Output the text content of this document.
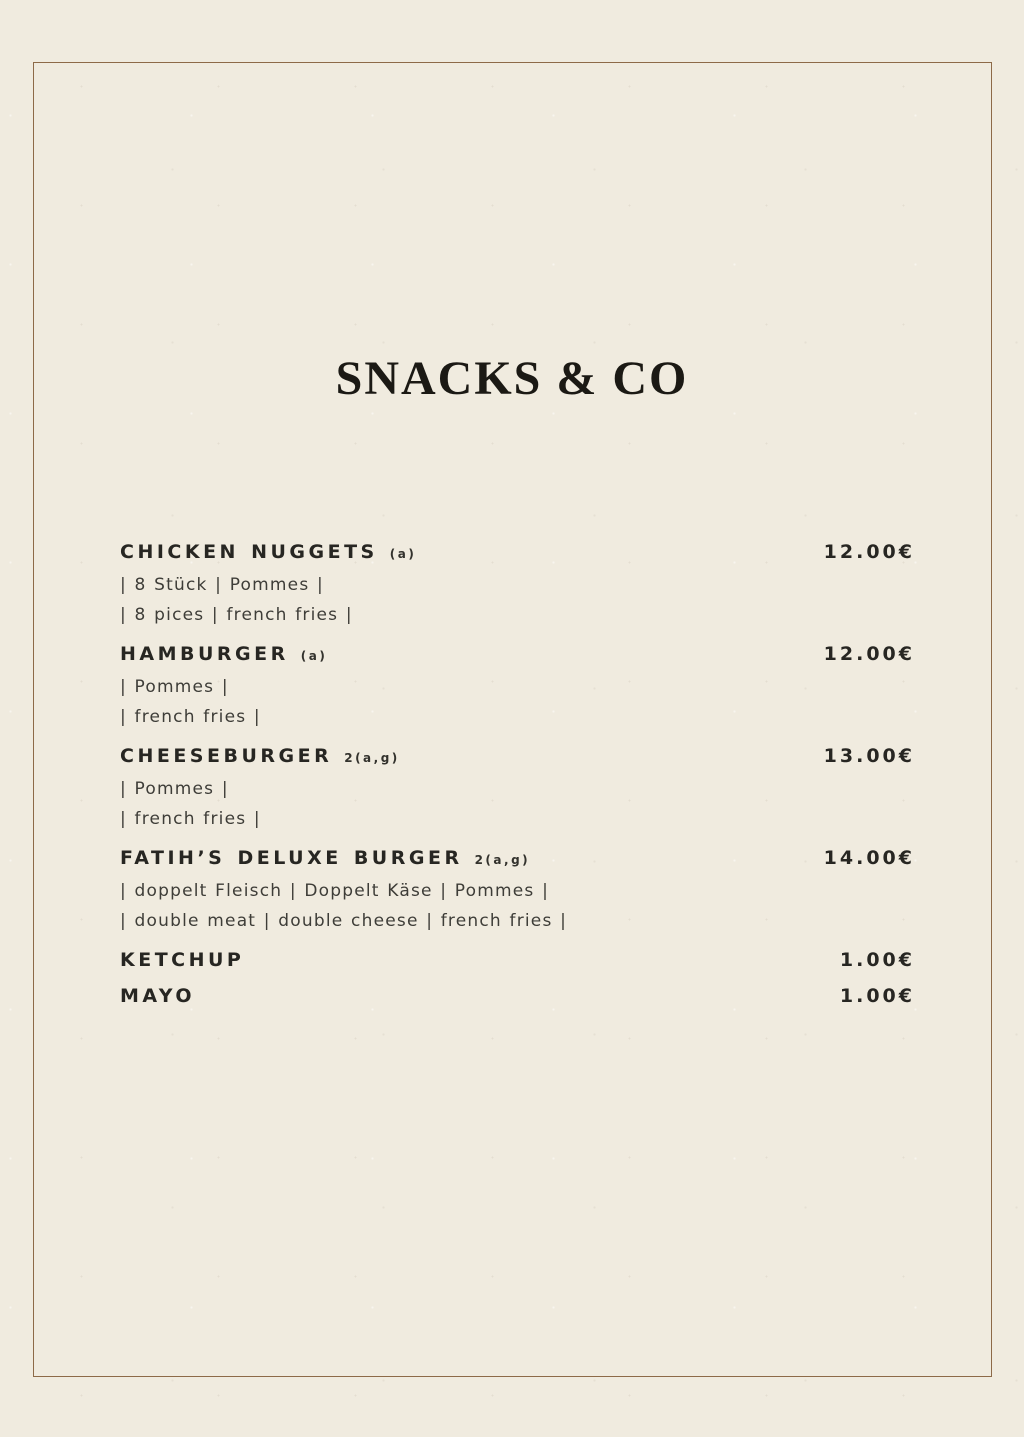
SNACKS & CO
CHICKEN NUGGETS (a)	12.00€
| 8 Stück | Pommes |
| 8 pices | french fries |
HAMBURGER (a)	12.00€
| Pommes |
| french fries |
CHEESEBURGER 2(a,g)	13.00€
| Pommes |
| french fries |
FATIH’S DELUXE BURGER 2(a,g)	14.00€
| doppelt Fleisch | Doppelt Käse | Pommes |
| double meat | double cheese | french fries |
KETCHUP	1.00€
MAYO	1.00€
